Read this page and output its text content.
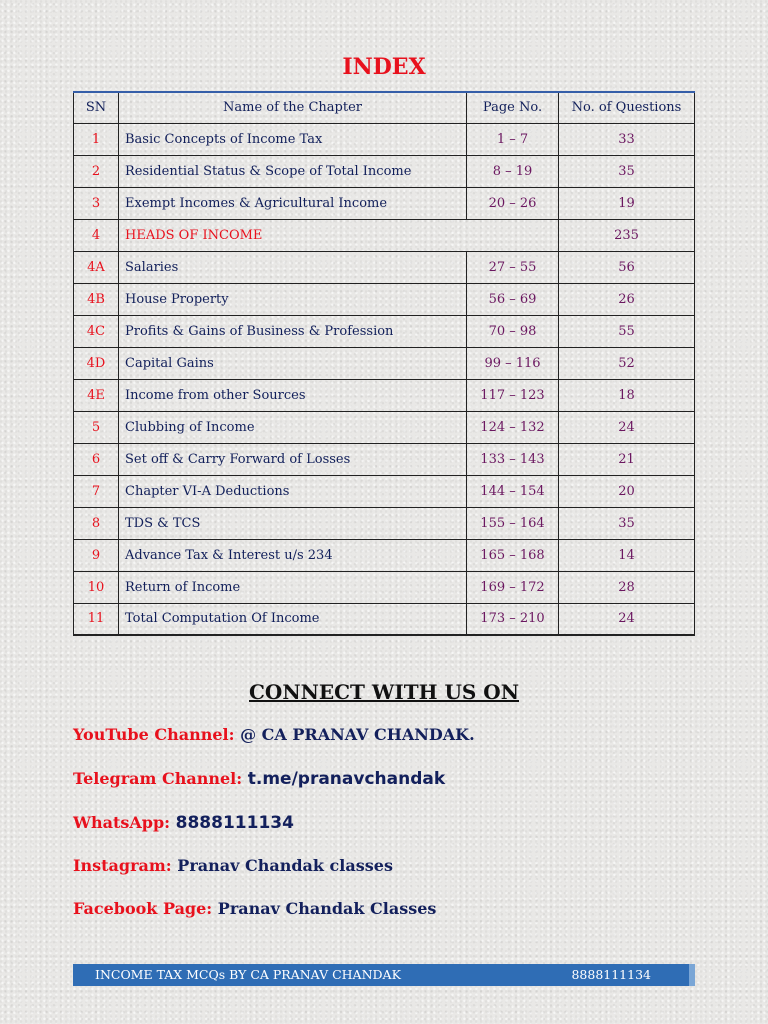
INDEX
SN	Name of the Chapter	Page No.	No. of Questions
1	Basic Concepts of Income Tax	1 – 7	33
2	Residential Status & Scope of Total Income	8 – 19	35
3	Exempt Incomes & Agricultural Income	20 – 26	19
4	HEADS OF INCOME		235
4A	Salaries	27 – 55	56
4B	House Property	56 – 69	26
4C	Profits & Gains of Business & Profession	70 – 98	55
4D	Capital Gains	99 – 116	52
4E	Income from other Sources	117 – 123	18
5	Clubbing of Income	124 – 132	24
6	Set off & Carry Forward of Losses	133 – 143	21
7	Chapter VI-A Deductions	144 – 154	20
8	TDS & TCS	155 – 164	35
9	Advance Tax & Interest u/s 234	165 – 168	14
10	Return of Income	169 – 172	28
11	Total Computation Of Income	173 – 210	24
CONNECT WITH US ON
YouTube Channel: @ CA PRANAV CHANDAK.
Telegram Channel: t.me/pranavchandak
WhatsApp: 8888111134
Instagram: Pranav Chandak classes
Facebook Page: Pranav Chandak Classes
INCOME TAX MCQs BY CA PRANAV CHANDAK	8888111134
